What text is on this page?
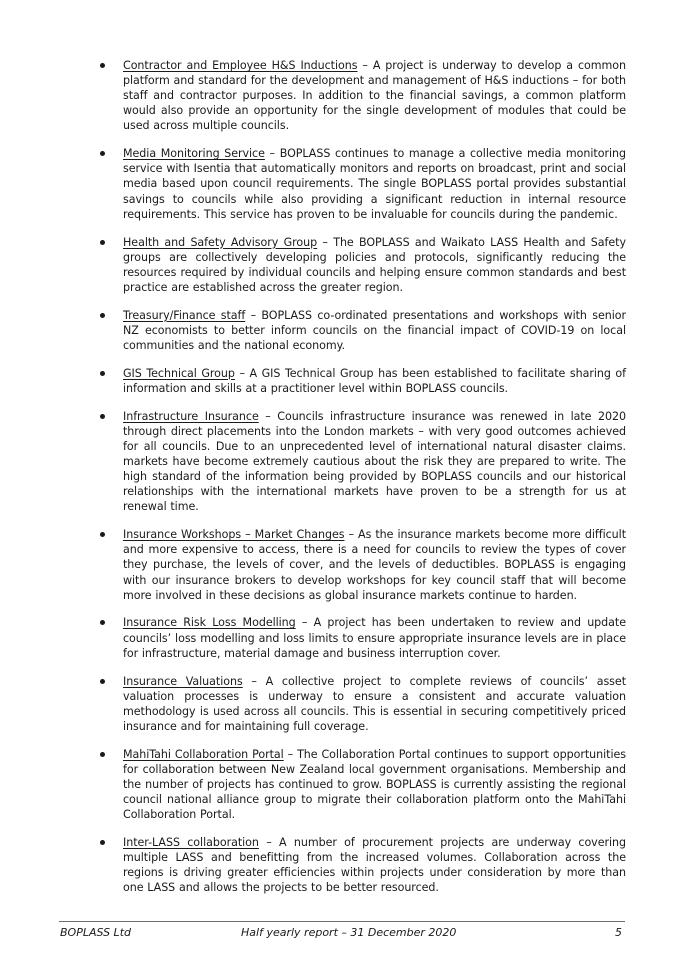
Contractor and Employee H&S Inductions – A project is underway to develop a common platform and standard for the development and management of H&S inductions – for both staff and contractor purposes. In addition to the financial savings, a common platform would also provide an opportunity for the single development of modules that could be used across multiple councils.
Media Monitoring Service – BOPLASS continues to manage a collective media monitoring service with Isentia that automatically monitors and reports on broadcast, print and social media based upon council requirements. The single BOPLASS portal provides substantial savings to councils while also providing a significant reduction in internal resource requirements. This service has proven to be invaluable for councils during the pandemic.
Health and Safety Advisory Group – The BOPLASS and Waikato LASS Health and Safety groups are collectively developing policies and protocols, significantly reducing the resources required by individual councils and helping ensure common standards and best practice are established across the greater region.
Treasury/Finance staff – BOPLASS co-ordinated presentations and workshops with senior NZ economists to better inform councils on the financial impact of COVID-19 on local communities and the national economy.
GIS Technical Group – A GIS Technical Group has been established to facilitate sharing of information and skills at a practitioner level within BOPLASS councils.
Infrastructure Insurance – Councils infrastructure insurance was renewed in late 2020 through direct placements into the London markets – with very good outcomes achieved for all councils. Due to an unprecedented level of international natural disaster claims. markets have become extremely cautious about the risk they are prepared to write. The high standard of the information being provided by BOPLASS councils and our historical relationships with the international markets have proven to be a strength for us at renewal time.
Insurance Workshops – Market Changes – As the insurance markets become more difficult and more expensive to access, there is a need for councils to review the types of cover they purchase, the levels of cover, and the levels of deductibles. BOPLASS is engaging with our insurance brokers to develop workshops for key council staff that will become more involved in these decisions as global insurance markets continue to harden.
Insurance Risk Loss Modelling – A project has been undertaken to review and update councils’ loss modelling and loss limits to ensure appropriate insurance levels are in place for infrastructure, material damage and business interruption cover.
Insurance Valuations – A collective project to complete reviews of councils’ asset valuation processes is underway to ensure a consistent and accurate valuation methodology is used across all councils. This is essential in securing competitively priced insurance and for maintaining full coverage.
MahiTahi Collaboration Portal – The Collaboration Portal continues to support opportunities for collaboration between New Zealand local government organisations. Membership and the number of projects has continued to grow. BOPLASS is currently assisting the regional council national alliance group to migrate their collaboration platform onto the MahiTahi Collaboration Portal.
Inter-LASS collaboration – A number of procurement projects are underway covering multiple LASS and benefitting from the increased volumes. Collaboration across the regions is driving greater efficiencies within projects under consideration by more than one LASS and allows the projects to be better resourced.
BOPLASS Ltd	Half yearly report – 31 December 2020	5
